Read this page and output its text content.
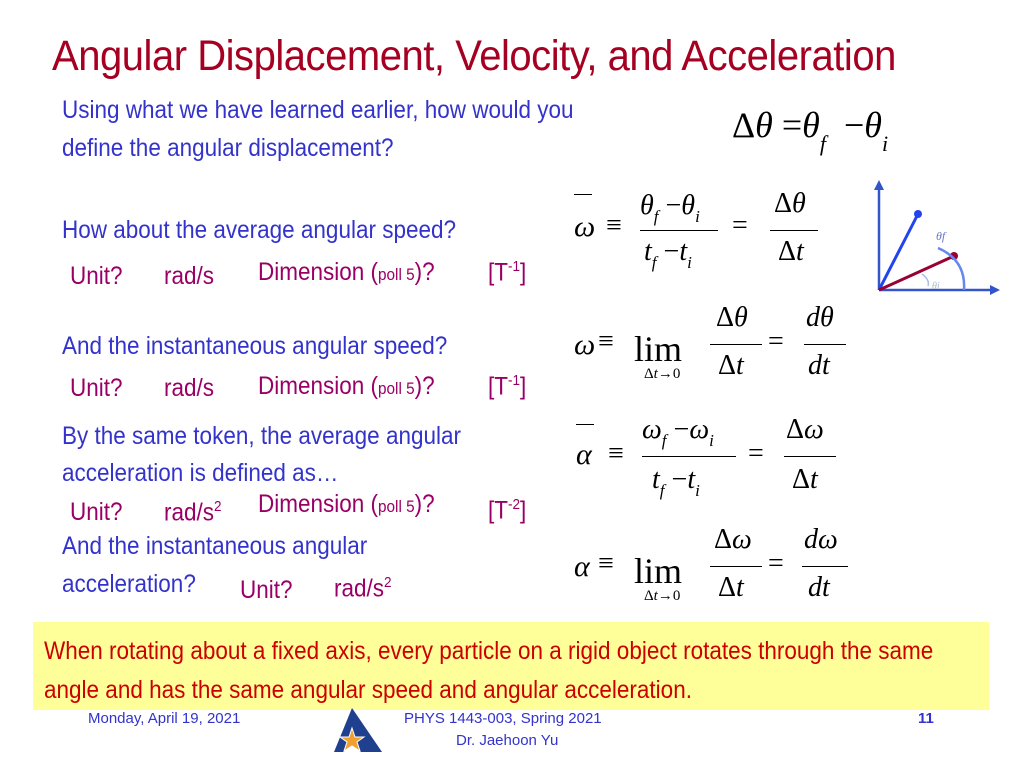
Angular Displacement, Velocity, and Acceleration
Using what we have learned earlier, how would you
define the angular displacement?
$\Delta\theta =\theta_f -\theta_i$
How about the average angular speed?
Unit? rad/s Dimension (poll 5)? $[T^{-1}]$
ω ≡
$\theta_f -\theta_i$
$t_f -t_i$
=
Δθ
Δt	θf
θi
And the instantaneous angular speed?
Unit? rad/s Dimension (poll 5)? $[T^{-1}]$
ω ≡ lim
Δt→0
Δθ
Δt
=
dθ
dt
By the same token, the average angular
acceleration is defined as…
Unit? rad/$s^2$ Dimension (poll 5)? $[T^{-2}]$
α ≡
$\omega_f -\omega_i$
$t_f -t_i$
=
Δω
Δt
And the instantaneous angular
acceleration? Unit? rad/$s^2$	α ≡ lim
Δt→0
Δω
Δt
=
dω
dt
When rotating about a fixed axis, every particle on a rigid object rotates through the same angle and has the same angular speed and angular acceleration.
Monday, April 19, 2021	PHYS 1443-003, Spring 2021
Dr. Jaehoon Yu
11
